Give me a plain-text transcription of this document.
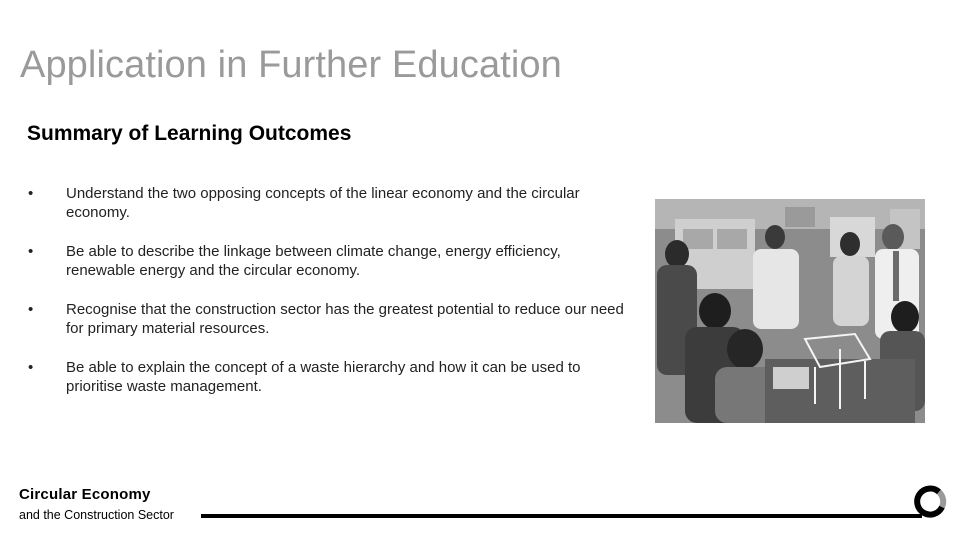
Application in Further Education
Summary of Learning Outcomes
•	Understand the two opposing concepts of the linear economy and the circular economy.
•	Be able to describe the linkage between climate change, energy efficiency, renewable energy and the circular economy.
•	Recognise that the construction sector has the greatest potential to reduce our need for primary material resources.
•	Be able to explain the concept of a waste hierarchy and how it can be used to prioritise waste management.
Circular Economy
and the Construction Sector
